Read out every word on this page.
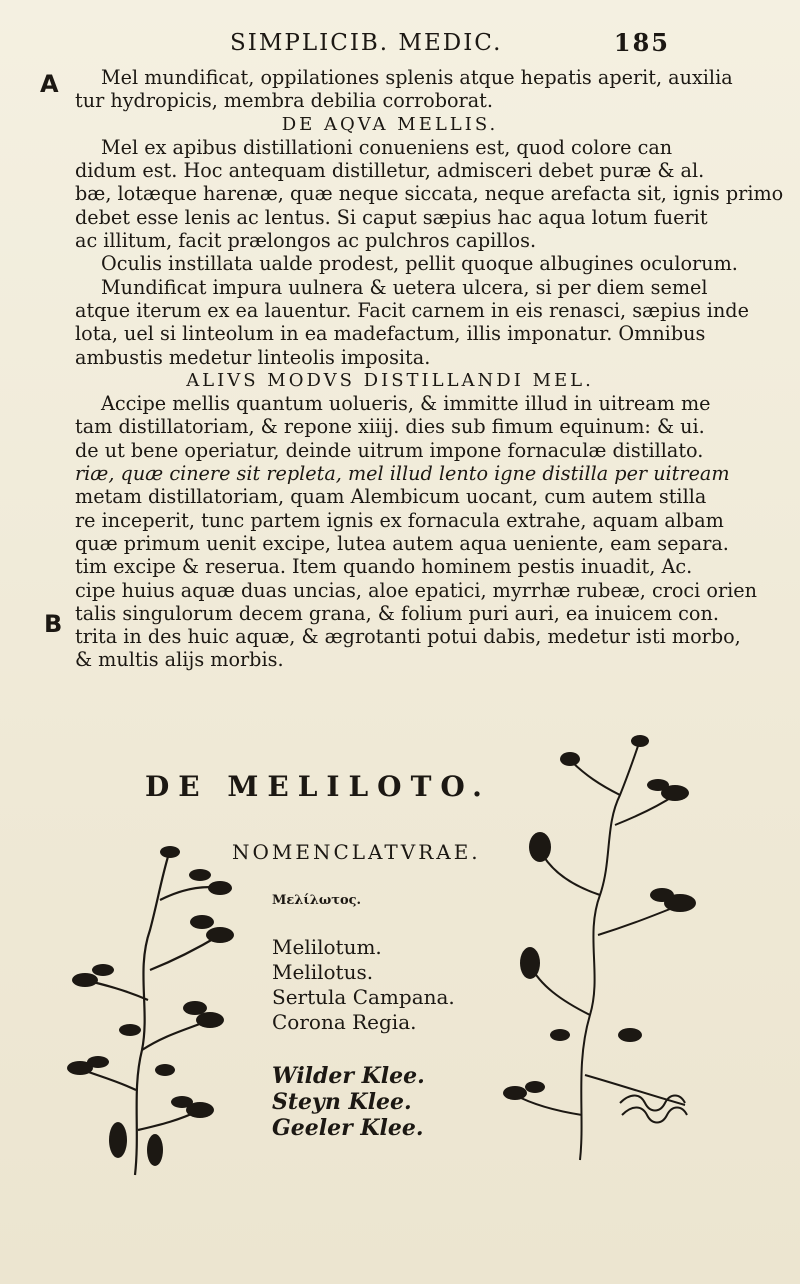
SIMPLICIB. MEDIC.	185
A
B
Mel mundificat, oppilationes splenis atque hepatis aperit, auxilia
tur hydropicis, membra debilia corroborat.
DE AQVA MELLIS.
Mel ex apibus distillationi conueniens est, quod colore can
didum est. Hoc antequam distilletur, admisceri debet puræ & al.
bæ, lotæque harenæ, quæ neque siccata, neque arefacta sit, ignis primo
debet esse lenis ac lentus. Si caput sæpius hac aqua lotum fuerit
ac illitum, facit prælongos ac pulchros capillos.
Oculis instillata ualde prodest, pellit quoque albugines oculorum.
Mundificat impura uulnera & uetera ulcera, si per diem semel
atque iterum ex ea lauentur. Facit carnem in eis renasci, sæpius inde
lota, uel si linteolum in ea madefactum, illis imponatur. Omnibus
ambustis medetur linteolis imposita.
ALIVS MODVS DISTILLANDI MEL.
Accipe mellis quantum uolueris, & immitte illud in uitream me
tam distillatoriam, & repone xiiij. dies sub fimum equinum: & ui.
de ut bene operiatur, deinde uitrum impone fornaculæ distillato.
riæ, quæ cinere sit repleta, mel illud lento igne distilla per uitream
metam distillatoriam, quam Alembicum uocant, cum autem stilla
re inceperit, tunc partem ignis ex fornacula extrahe, aquam albam
quæ primum uenit excipe, lutea autem aqua ueniente, eam separa.
tim excipe & reserua. Item quando hominem pestis inuadit, Ac.
cipe huius aquæ duas uncias, aloe epatici, myrrhæ rubeæ, croci orien
talis singulorum decem grana, & folium puri auri, ea inuicem con.
trita in des huic aquæ, & ægrotanti potui dabis, medetur isti morbo,
& multis alijs morbis.
DE MELILOTO.
NOMENCLATVRAE.
Μελίλωτος.
Melilotum.
Melilotus.
Sertula Campana.
Corona Regia.
Wilder Klee.
Steyn Klee.
Geeler Klee.
